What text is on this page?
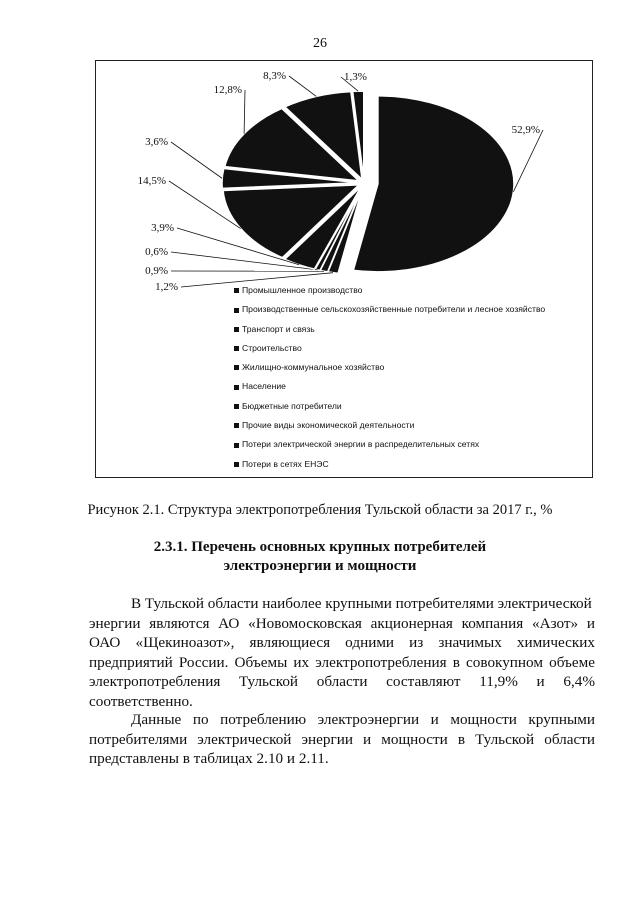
26
52,9%
1,2%
0,9%
0,6%
3,9%
14,5%
3,6%
12,8%
8,3%	1,3%
Промышленное производство
Производственные сельскохозяйственные потребители и лесное хозяйство
Транспорт и связь
Строительство
Жилищно-коммунальное хозяйство
Население
Бюджетные потребители
Прочие виды экономической деятельности
Потери электрической энергии в распределительных сетях
Потери в сетях ЕНЭС
Рисунок 2.1. Структура электропотребления Тульской области за 2017 г., %
2.3.1. Перечень основных крупных потребителей
электроэнергии и мощности
В Тульской области наиболее крупными потребителями электрической
энергии являются АО «Новомосковская акционерная компания «Азот» и
ОАО «Щекиноазот», являющиеся одними из значимых химических
предприятий России. Объемы их электропотребления в совокупном объеме
электропотребления Тульской области составляют 11,9% и 6,4%
соответственно.
Данные по потреблению электроэнергии и мощности крупными
потребителями электрической энергии и мощности в Тульской области
представлены в таблицах 2.10 и 2.11.
